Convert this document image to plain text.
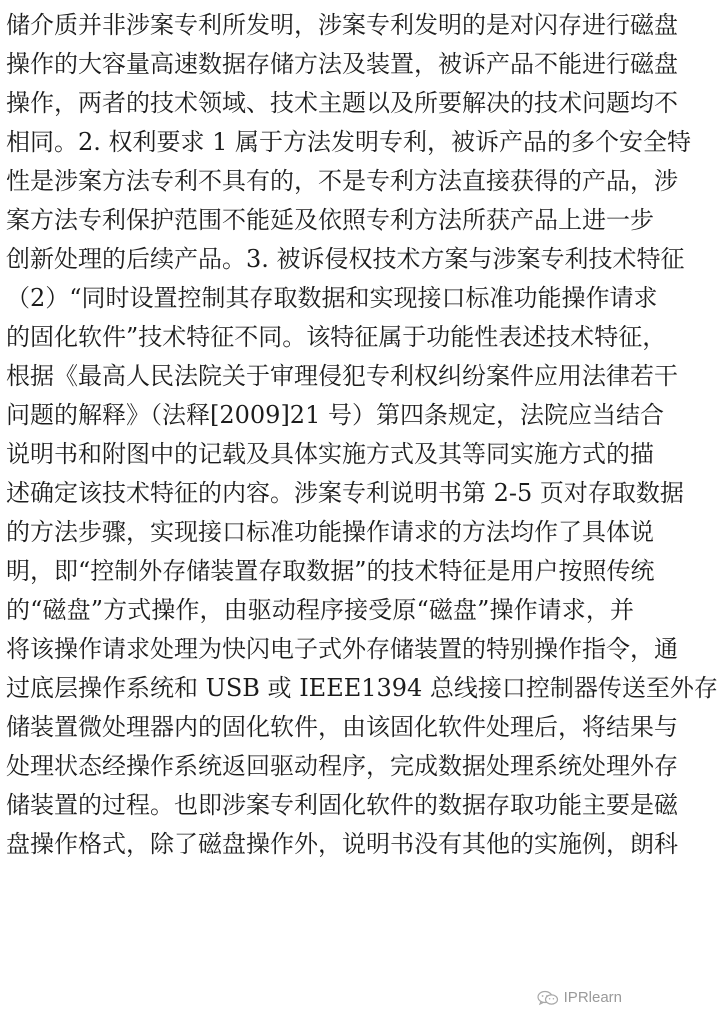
储介质并非涉案专利所发明，涉案专利发明的是对闪存进行磁盘
操作的大容量高速数据存储方法及装置，被诉产品不能进行磁盘
操作，两者的技术领域、技术主题以及所要解决的技术问题均不
相同。2. 权利要求 1 属于方法发明专利，被诉产品的多个安全特
性是涉案方法专利不具有的，不是专利方法直接获得的产品，涉
案方法专利保护范围不能延及依照专利方法所获产品上进一步
创新处理的后续产品。3. 被诉侵权技术方案与涉案专利技术特征
（2）“同时设置控制其存取数据和实现接口标准功能操作请求
的固化软件”技术特征不同。该特征属于功能性表述技术特征，
根据《最高人民法院关于审理侵犯专利权纠纷案件应用法律若干
问题的解释》（法释[2009]21 号）第四条规定，法院应当结合
说明书和附图中的记载及具体实施方式及其等同实施方式的描
述确定该技术特征的内容。涉案专利说明书第 2-5 页对存取数据
的方法步骤，实现接口标准功能操作请求的方法均作了具体说
明，即“控制外存储装置存取数据”的技术特征是用户按照传统
的“磁盘”方式操作，由驱动程序接受原“磁盘”操作请求，并
将该操作请求处理为快闪电子式外存储装置的特别操作指令，通
过底层操作系统和 USB 或 IEEE1394 总线接口控制器传送至外存
储装置微处理器内的固化软件，由该固化软件处理后，将结果与
处理状态经操作系统返回驱动程序，完成数据处理系统处理外存
储装置的过程。也即涉案专利固化软件的数据存取功能主要是磁
盘操作格式，除了磁盘操作外，说明书没有其他的实施例，朗科
IPRlearn
